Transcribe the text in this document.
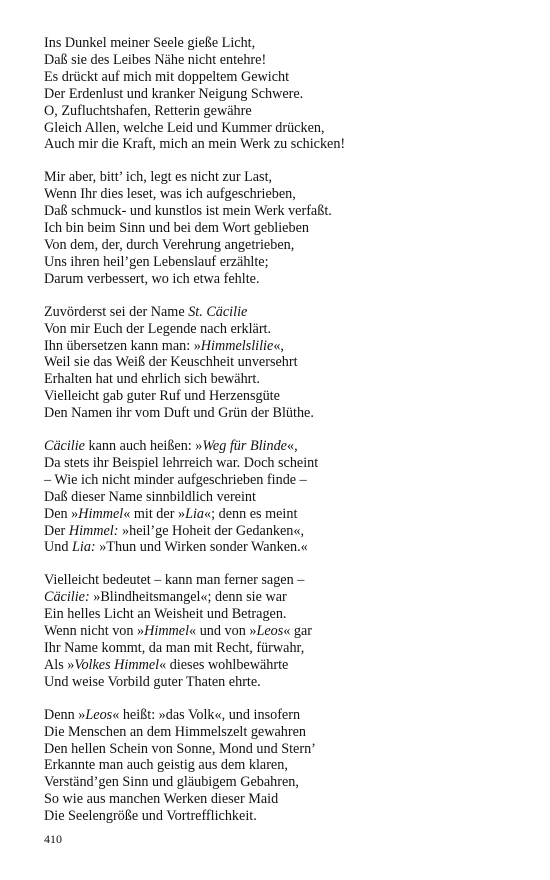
Ins Dunkel meiner Seele gieße Licht,
Daß sie des Leibes Nähe nicht entehre!
Es drückt auf mich mit doppeltem Gewicht
Der Erdenlust und kranker Neigung Schwere.
O, Zufluchtshafen, Retterin gewähre
Gleich Allen, welche Leid und Kummer drücken,
Auch mir die Kraft, mich an mein Werk zu schicken!
Mir aber, bitt’ ich, legt es nicht zur Last,
Wenn Ihr dies leset, was ich aufgeschrieben,
Daß schmuck- und kunstlos ist mein Werk verfaßt.
Ich bin beim Sinn und bei dem Wort geblieben
Von dem, der, durch Verehrung angetrieben,
Uns ihren heil’gen Lebenslauf erzählte;
Darum verbessert, wo ich etwa fehlte.
Zuvörderst sei der Name St. Cäcilie
Von mir Euch der Legende nach erklärt.
Ihn übersetzen kann man: »Himmelslilie«,
Weil sie das Weiß der Keuschheit unversehrt
Erhalten hat und ehrlich sich bewährt.
Vielleicht gab guter Ruf und Herzensgüte
Den Namen ihr vom Duft und Grün der Blüthe.
Cäcilie kann auch heißen: »Weg für Blinde«,
Da stets ihr Beispiel lehrreich war. Doch scheint
– Wie ich nicht minder aufgeschrieben finde –
Daß dieser Name sinnbildlich vereint
Den »Himmel« mit der »Lia«; denn es meint
Der Himmel: »heil’ge Hoheit der Gedanken«,
Und Lia: »Thun und Wirken sonder Wanken.«
Vielleicht bedeutet – kann man ferner sagen –
Cäcilie: »Blindheitsmangel«; denn sie war
Ein helles Licht an Weisheit und Betragen.
Wenn nicht von »Himmel« und von »Leos« gar
Ihr Name kommt, da man mit Recht, fürwahr,
Als »Volkes Himmel« dieses wohlbewährte
Und weise Vorbild guter Thaten ehrte.
Denn »Leos« heißt: »das Volk«, und insofern
Die Menschen an dem Himmelszelt gewahren
Den hellen Schein von Sonne, Mond und Stern’
Erkannte man auch geistig aus dem klaren,
Verständ’gen Sinn und gläubigem Gebahren,
So wie aus manchen Werken dieser Maid
Die Seelengröße und Vortrefflichkeit.
410
